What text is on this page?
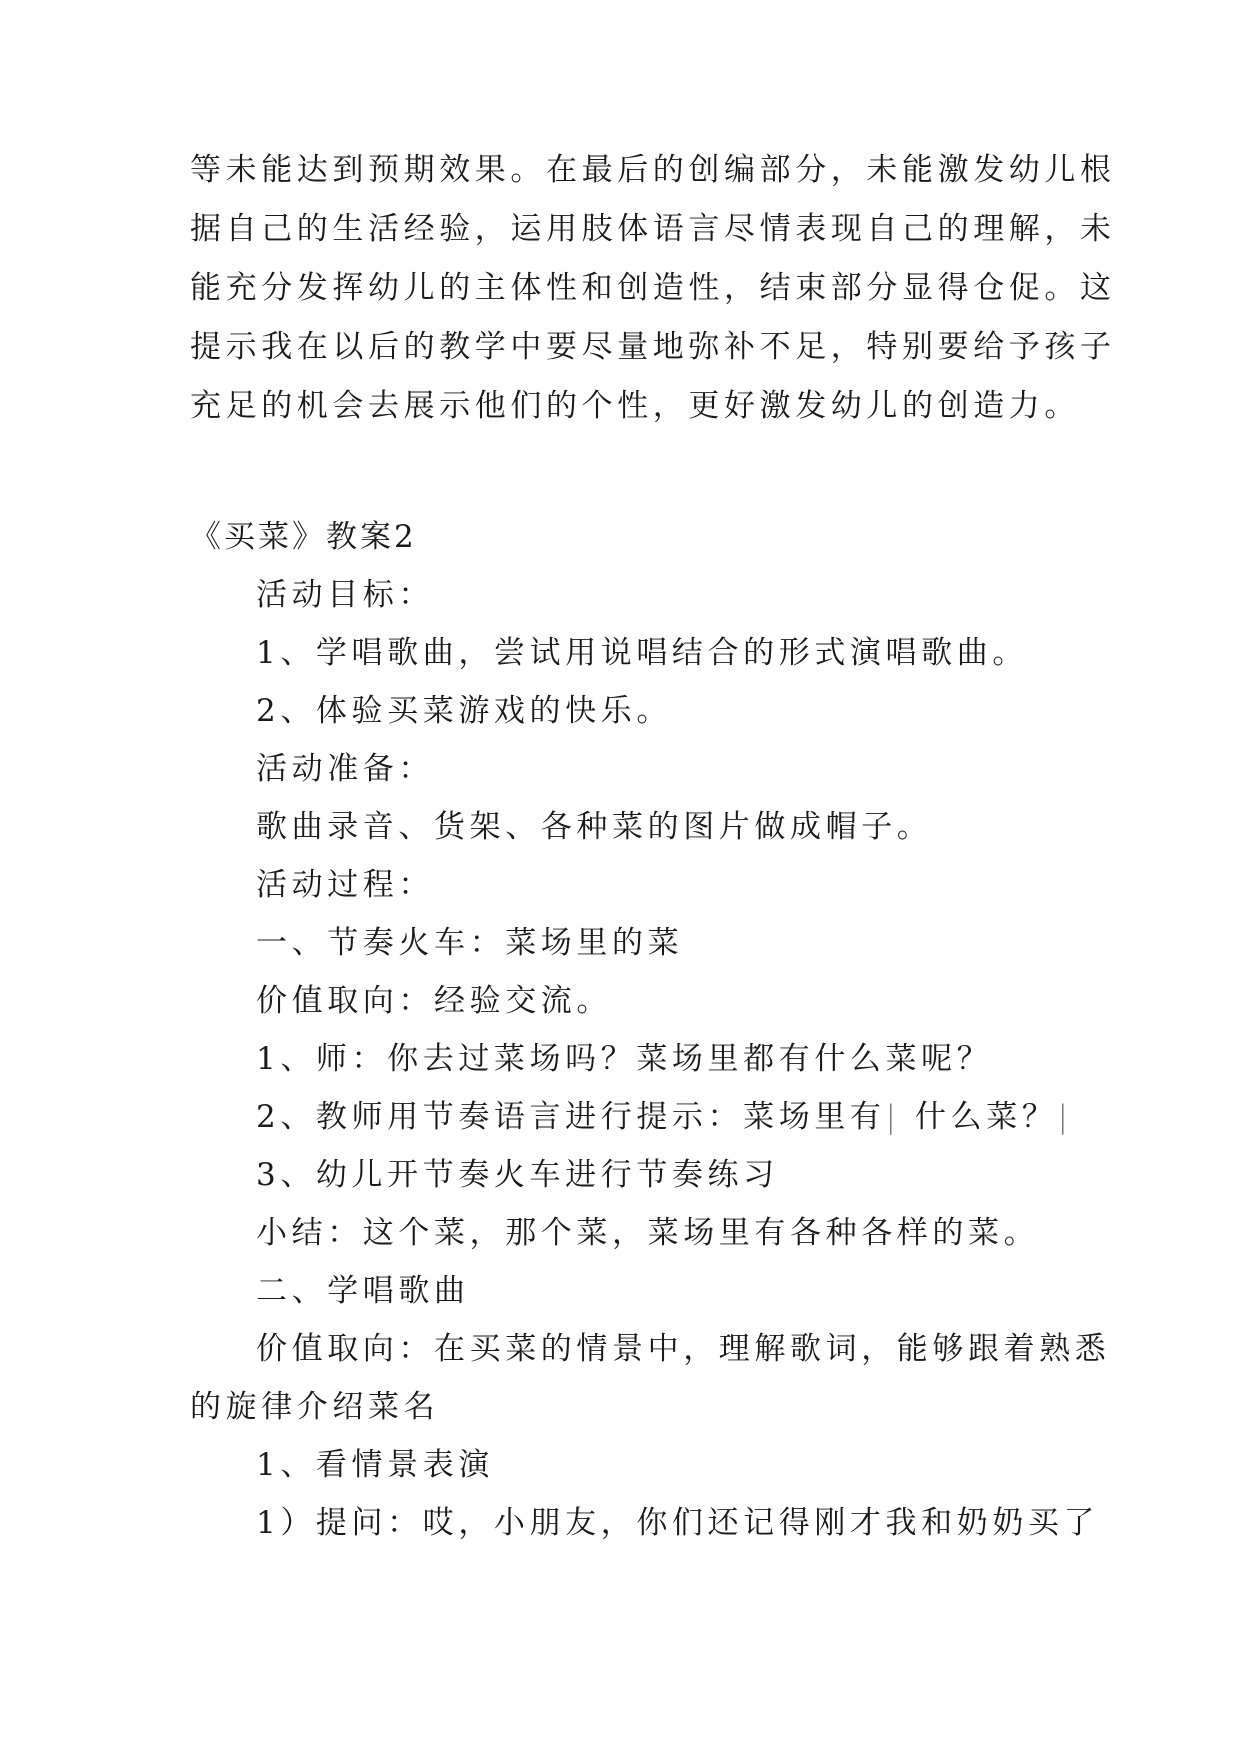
等未能达到预期效果。在最后的创编部分，未能激发幼儿根
据自己的生活经验，运用肢体语言尽情表现自己的理解，未
能充分发挥幼儿的主体性和创造性，结束部分显得仓促。这
提示我在以后的教学中要尽量地弥补不足，特别要给予孩子
充足的机会去展示他们的个性，更好激发幼儿的创造力。
《买菜》教案2
活动目标：
1、学唱歌曲，尝试用说唱结合的形式演唱歌曲。
2、体验买菜游戏的快乐。
活动准备：
歌曲录音、货架、各种菜的图片做成帽子。
活动过程：
一、节奏火车：菜场里的菜
价值取向：经验交流。
1、师：你去过菜场吗？菜场里都有什么菜呢？
2、教师用节奏语言进行提示：菜场里有| 什么菜？|
3、幼儿开节奏火车进行节奏练习
小结：这个菜，那个菜，菜场里有各种各样的菜。
二、学唱歌曲
价值取向：在买菜的情景中，理解歌词，能够跟着熟悉
的旋律介绍菜名
1、看情景表演
1）提问：哎，小朋友，你们还记得刚才我和奶奶买了
